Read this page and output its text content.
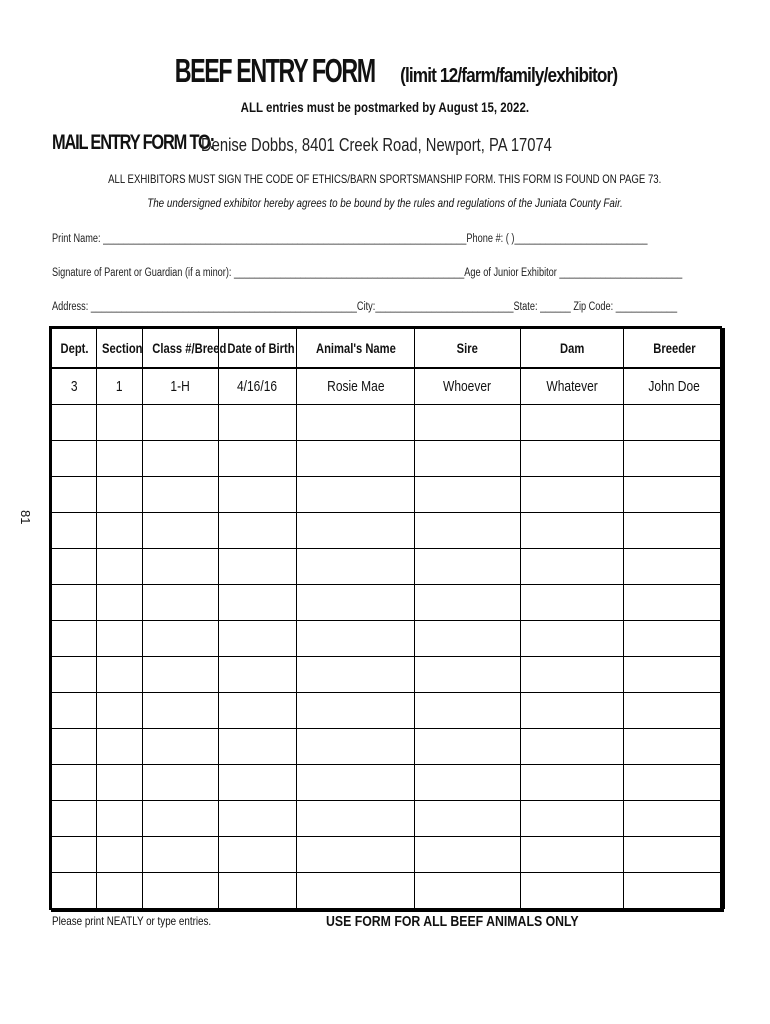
BEEF ENTRY FORM (limit 12/farm/family/exhibitor)
ALL entries must be postmarked by August 15, 2022.
MAIL ENTRY FORM TO:
Denise Dobbs, 8401 Creek Road, Newport, PA 17074
ALL EXHIBITORS MUST SIGN THE CODE OF ETHICS/BARN SPORTSMANSHIP FORM. THIS FORM IS FOUND ON PAGE 73.
The undersigned exhibitor hereby agrees to be bound by the rules and regulations of the Juniata County Fair.
Print Name: _______________________________________________________________________Phone #: ( )__________________________
Signature of Parent or Guardian (if a minor): _____________________________________________Age of Junior Exhibitor ________________________
Address: ____________________________________________________City:___________________________State: ______ Zip Code: ____________
81
Dept.	Section	Class #/Breed	Date of Birth	Animal's Name	Sire	Dam	Breeder
3	1	1-H	4/16/16	Rosie Mae	Whoever	Whatever	John Doe

Please print NEATLY or type entries.	USE FORM FOR ALL BEEF ANIMALS ONLY
